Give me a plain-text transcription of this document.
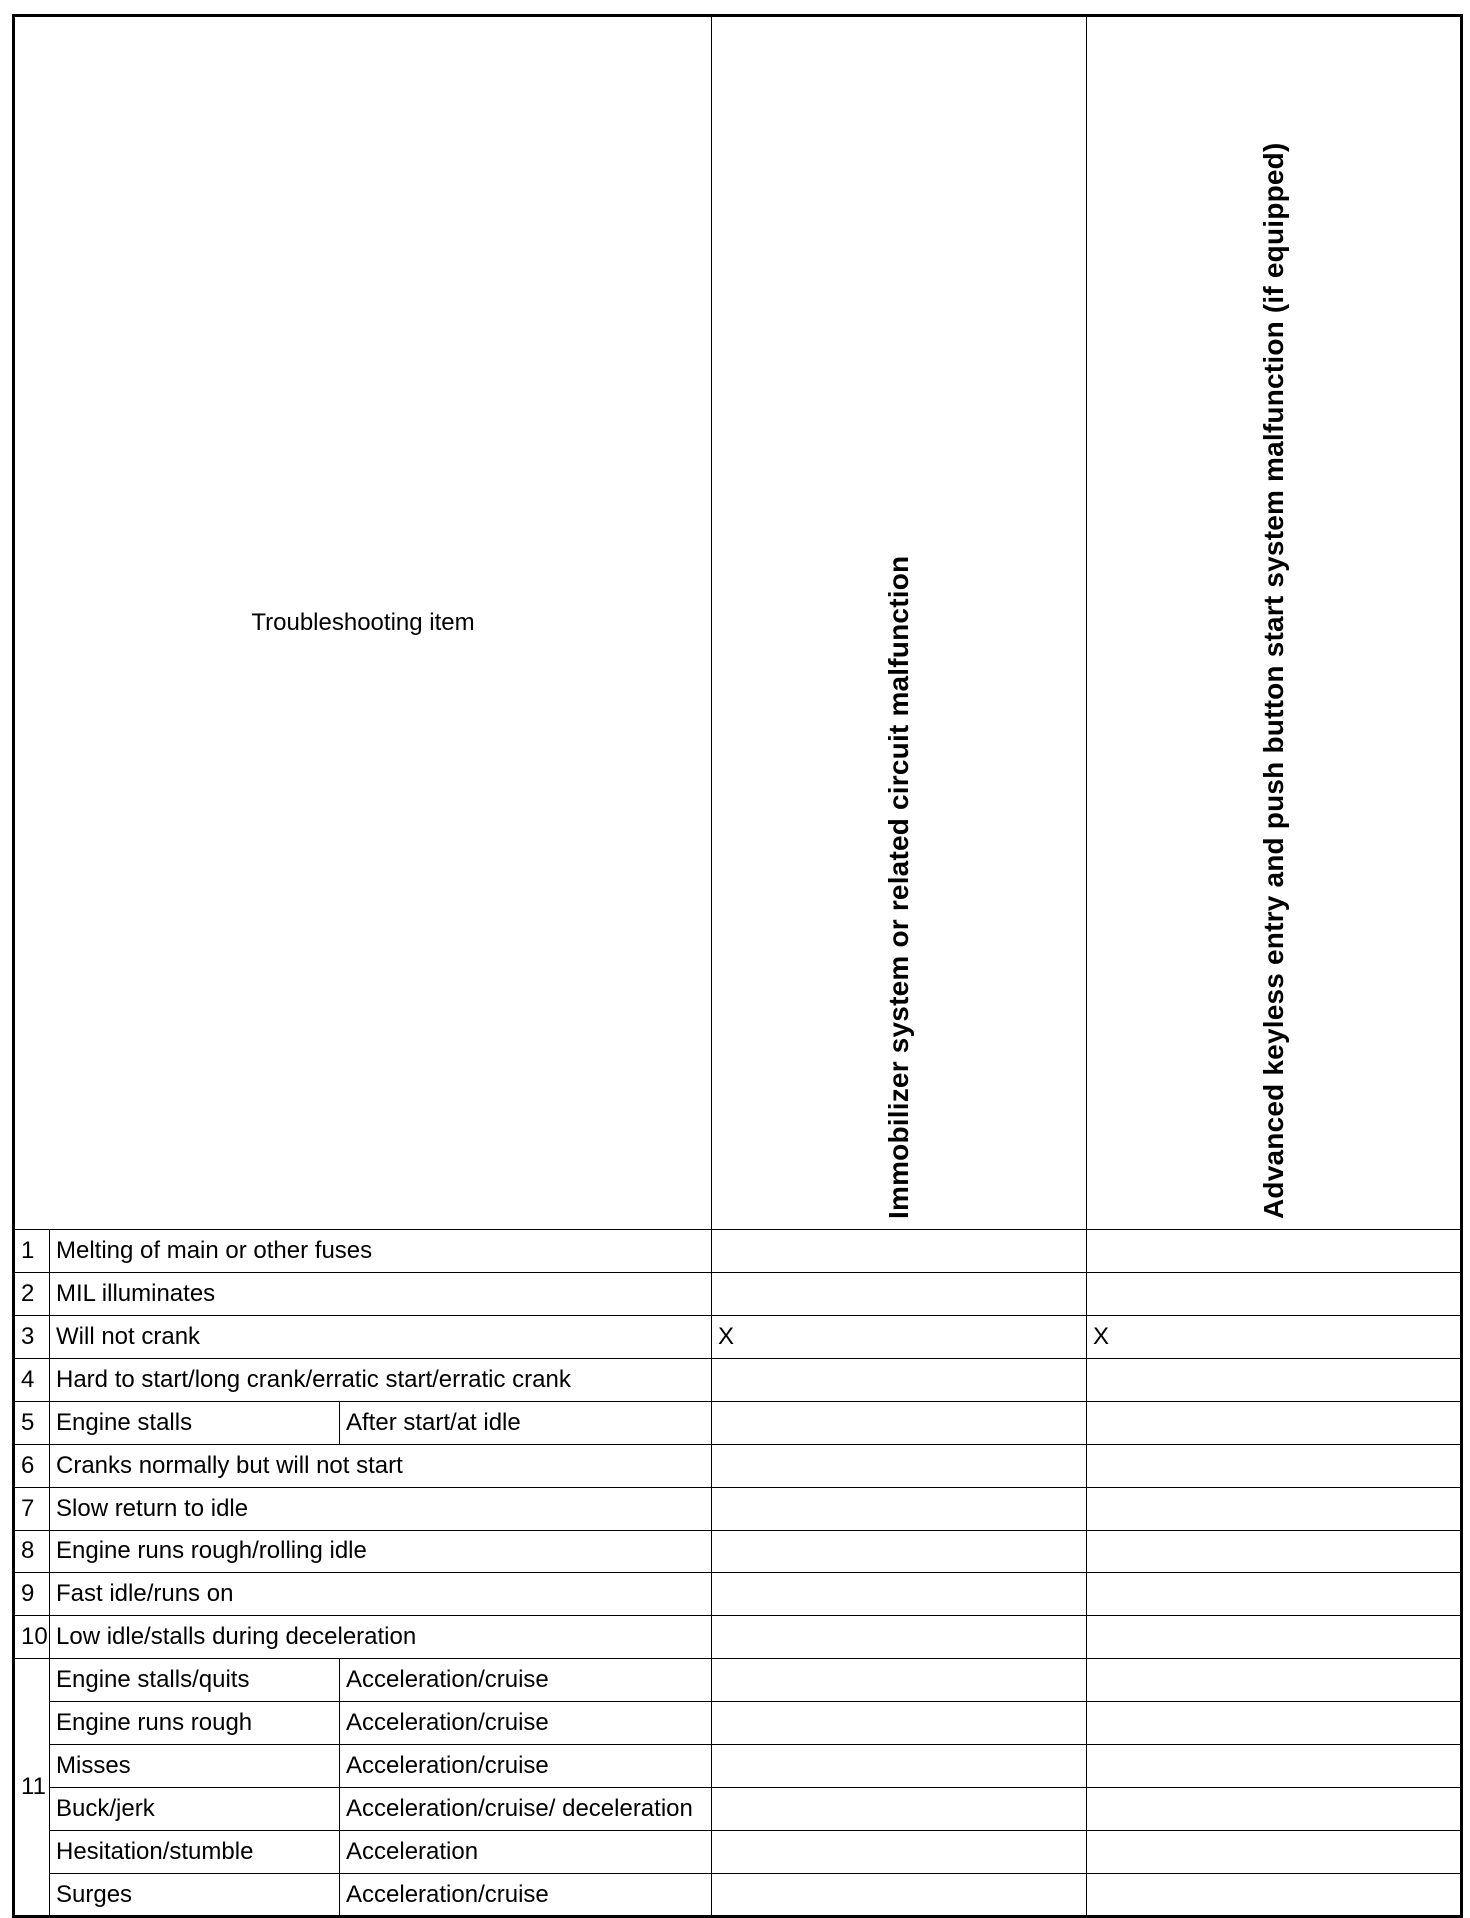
Troubleshooting item			Immobilizer system or related circuit malfunction	Advanced keyless entry and push button start system malfunction (if equipped)

1	Melting of main or other fuses			
2	MIL illuminates			
3	Will not crank		X	X
4	Hard to start/long crank/erratic start/erratic crank			
5	Engine stalls	After start/at idle		
6	Cranks normally but will not start			
7	Slow return to idle			
8	Engine runs rough/rolling idle			
9	Fast idle/runs on			
10	Low idle/stalls during deceleration			
11	Engine stalls/quits	Acceleration/cruise		
	Engine runs rough	Acceleration/cruise		
	Misses	Acceleration/cruise		
	Buck/jerk	Acceleration/cruise/ deceleration		
	Hesitation/stumble	Acceleration		
	Surges	Acceleration/cruise		
